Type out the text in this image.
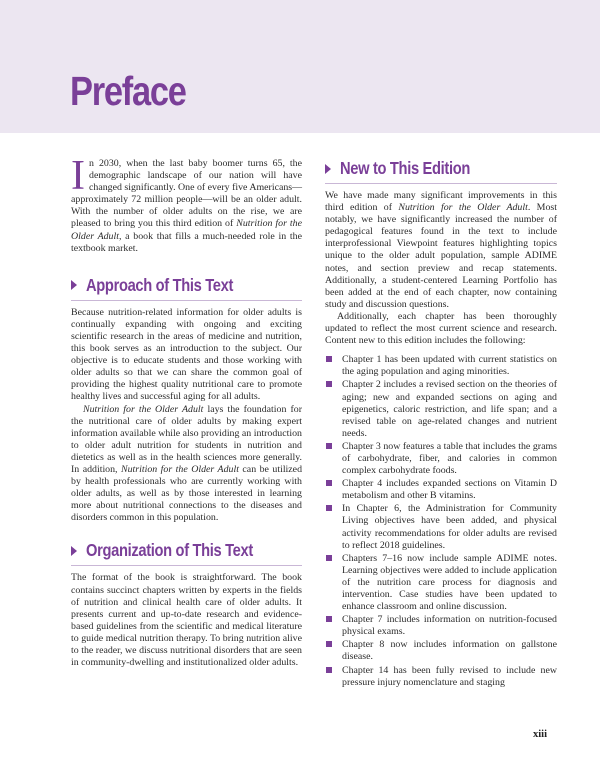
Preface

In 2030, when the last baby boomer turns 65, the demographic landscape of our nation will have changed significantly. One of every five Americans—approximately 72 million people—will be an older adult. With the number of older adults on the rise, we are pleased to bring you this third edition of Nutrition for the Older Adult, a book that fills a much-needed role in the textbook market.

Approach of This Text

Because nutrition-related information for older adults is continually expanding with ongoing and exciting scientific research in the areas of medicine and nutrition, this book serves as an introduction to the subject. Our objective is to educate students and those working with older adults so that we can share the common goal of providing the highest quality nutritional care to promote healthy lives and successful aging for all adults.

Nutrition for the Older Adult lays the foundation for the nutritional care of older adults by making expert information available while also providing an introduction to older adult nutrition for students in nutrition and dietetics as well as in the health sciences more generally. In addition, Nutrition for the Older Adult can be utilized by health professionals who are currently working with older adults, as well as by those interested in learning more about nutritional connections to the diseases and disorders common in this population.

Organization of This Text

The format of the book is straightforward. The book contains succinct chapters written by experts in the fields of nutrition and clinical health care of older adults. It presents current and up-to-date research and evidence-based guidelines from the scientific and medical literature to guide medical nutrition therapy. To bring nutrition alive to the reader, we discuss nutritional disorders that are seen in community-dwelling and institutionalized older adults.

New to This Edition

We have made many significant improvements in this third edition of Nutrition for the Older Adult. Most notably, we have significantly increased the number of pedagogical features found in the text to include interprofessional Viewpoint features highlighting topics unique to the older adult population, sample ADIME notes, and section preview and recap statements. Additionally, a student-centered Learning Portfolio has been added at the end of each chapter, now containing study and discussion questions.

Additionally, each chapter has been thoroughly updated to reflect the most current science and research. Content new to this edition includes the following:

Chapter 1 has been updated with current statistics on the aging population and aging minorities.
Chapter 2 includes a revised section on the theories of aging; new and expanded sections on aging and epigenetics, caloric restriction, and life span; and a revised table on age-related changes and nutrient needs.
Chapter 3 now features a table that includes the grams of carbohydrate, fiber, and calories in common complex carbohydrate foods.
Chapter 4 includes expanded sections on Vitamin D metabolism and other B vitamins.
In Chapter 6, the Administration for Community Living objectives have been added, and physical activity recommendations for older adults are revised to reflect 2018 guidelines.
Chapters 7–16 now include sample ADIME notes. Learning objectives were added to include application of the nutrition care process for diagnosis and intervention. Case studies have been updated to enhance classroom and online discussion.
Chapter 7 includes information on nutrition-focused physical exams.
Chapter 8 now includes information on gallstone disease.
Chapter 14 has been fully revised to include new pressure injury nomenclature and staging
xiii
